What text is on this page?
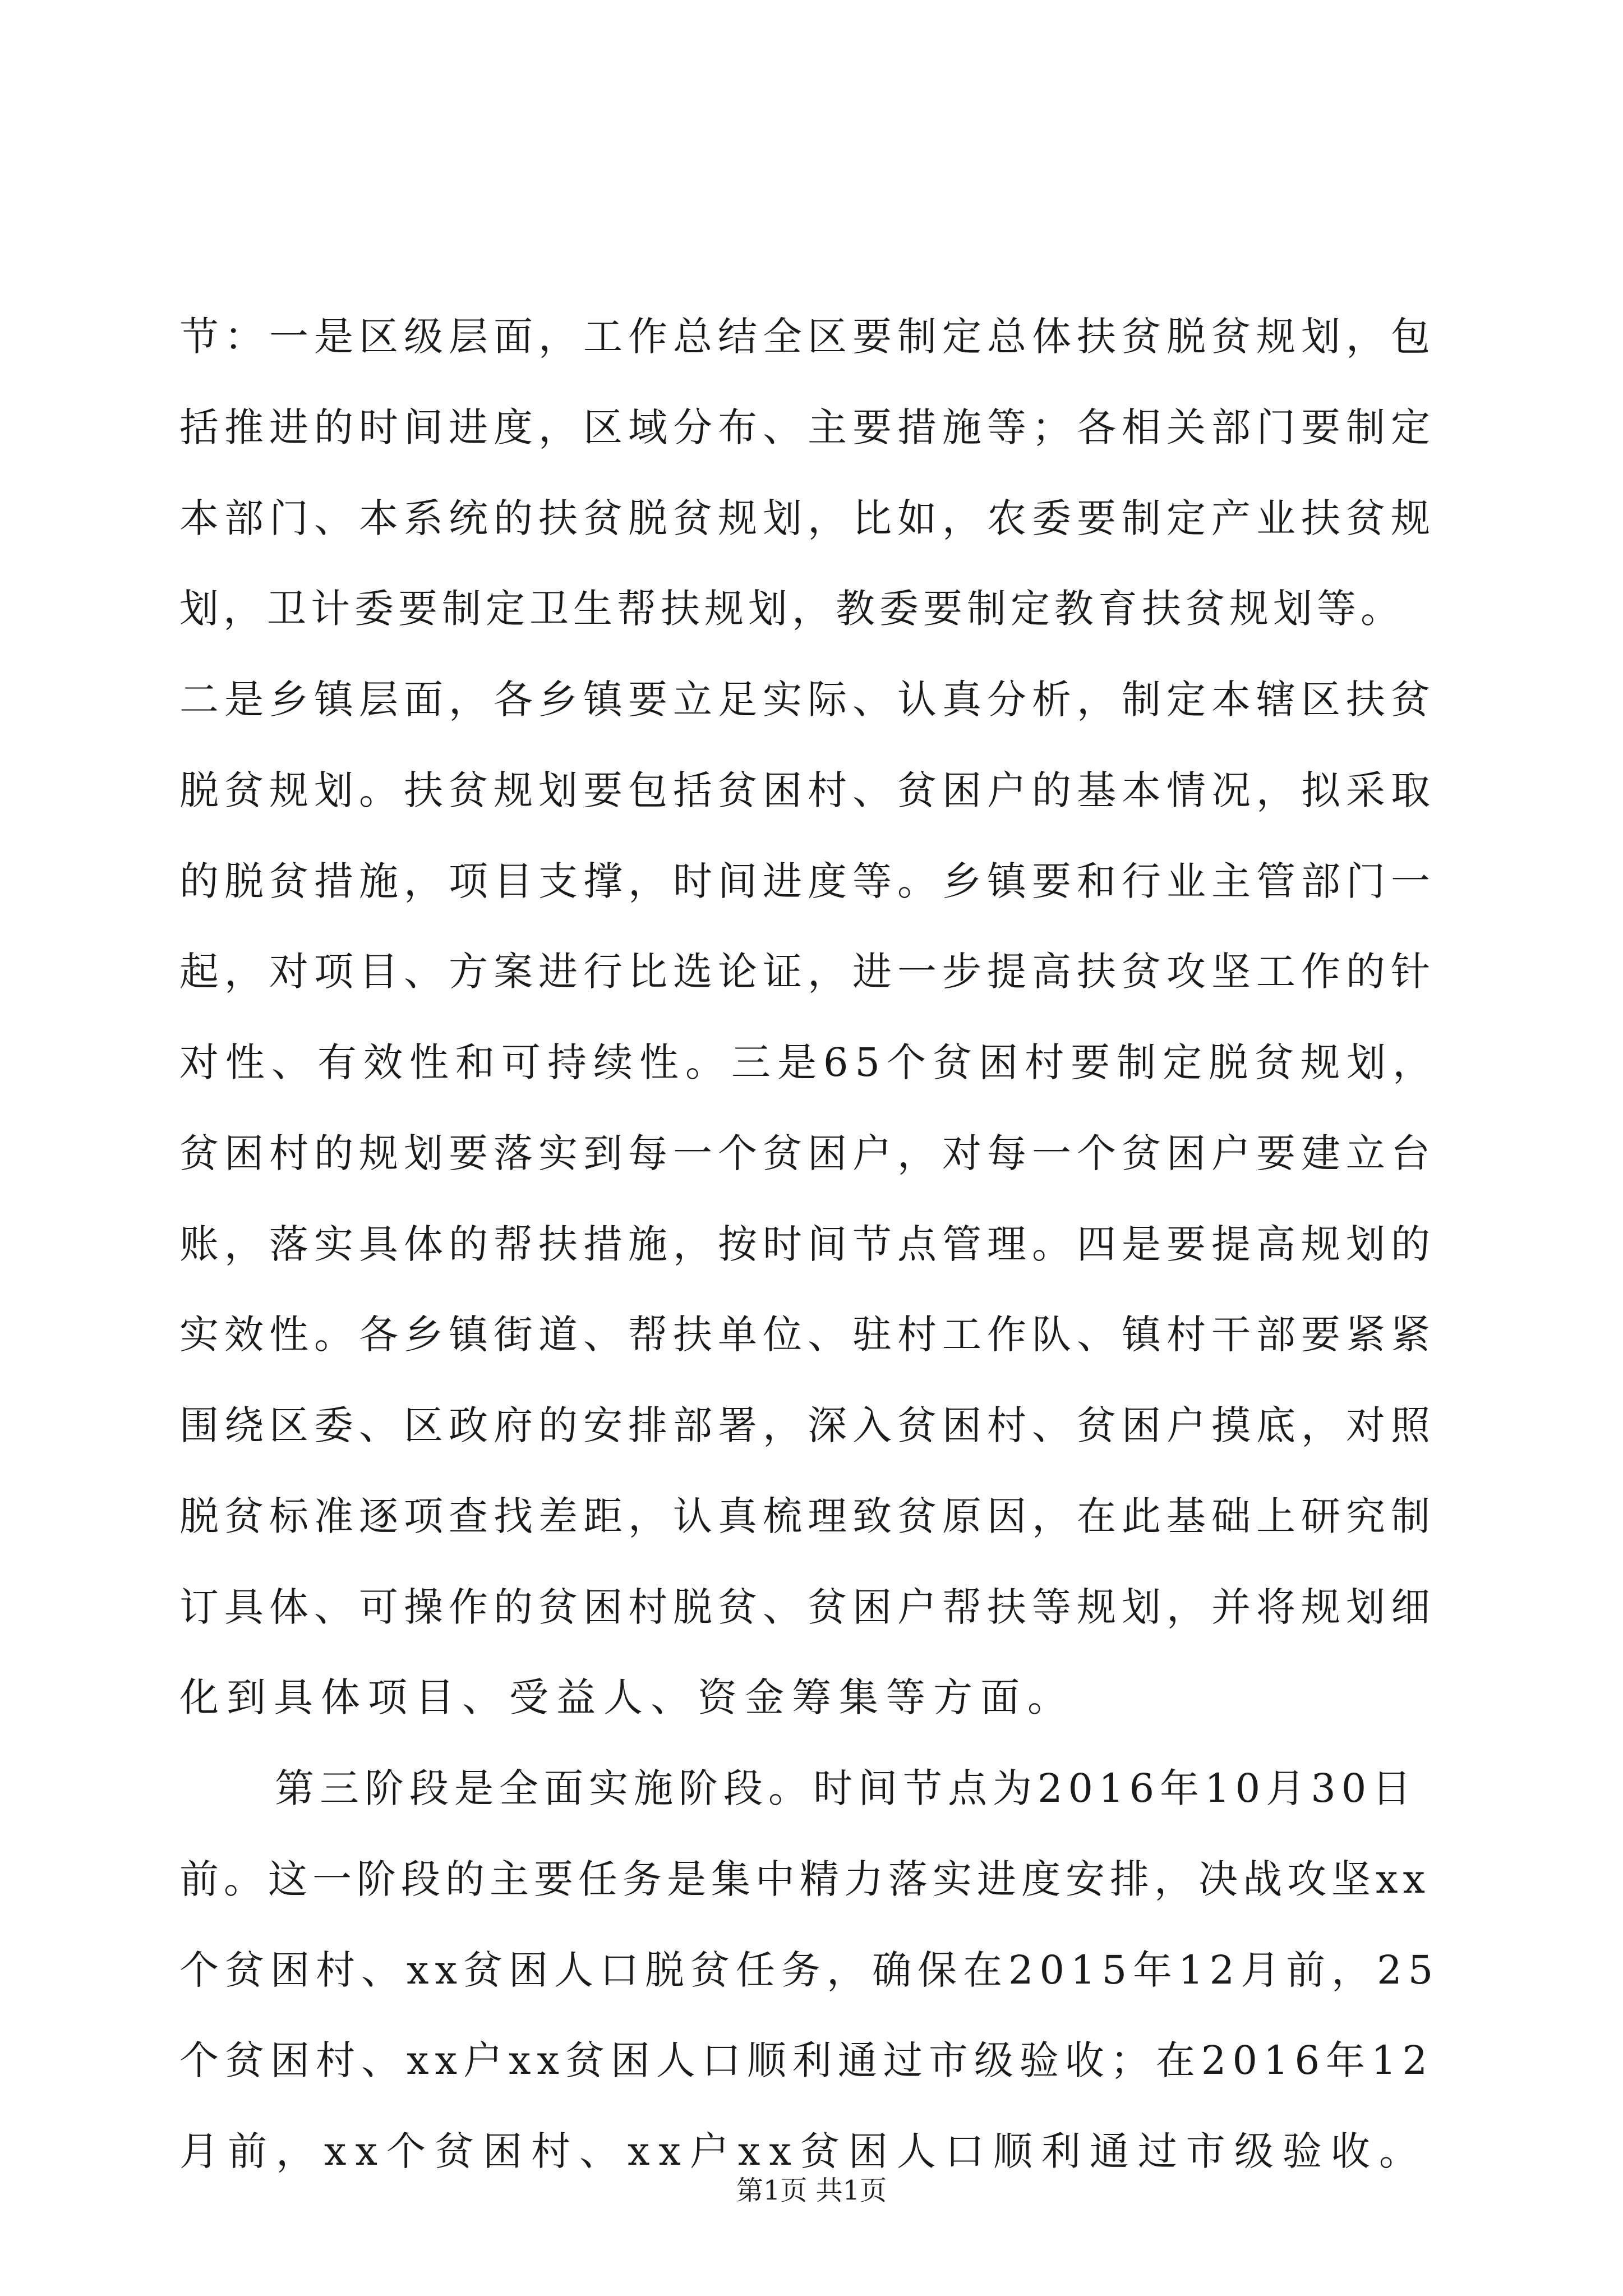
节：一是区级层面，工作总结全区要制定总体扶贫脱贫规划，包
括推进的时间进度，区域分布、主要措施等；各相关部门要制定
本部门、本系统的扶贫脱贫规划，比如，农委要制定产业扶贫规
划，卫计委要制定卫生帮扶规划，教委要制定教育扶贫规划等。
二是乡镇层面，各乡镇要立足实际、认真分析，制定本辖区扶贫
脱贫规划。扶贫规划要包括贫困村、贫困户的基本情况，拟采取
的脱贫措施，项目支撑，时间进度等。乡镇要和行业主管部门一
起，对项目、方案进行比选论证，进一步提高扶贫攻坚工作的针
对性、有效性和可持续性。三是65个贫困村要制定脱贫规划，
贫困村的规划要落实到每一个贫困户，对每一个贫困户要建立台
账，落实具体的帮扶措施，按时间节点管理。四是要提高规划的
实效性。各乡镇街道、帮扶单位、驻村工作队、镇村干部要紧紧
围绕区委、区政府的安排部署，深入贫困村、贫困户摸底，对照
脱贫标准逐项查找差距，认真梳理致贫原因，在此基础上研究制
订具体、可操作的贫困村脱贫、贫困户帮扶等规划，并将规划细
化到具体项目、受益人、资金筹集等方面。
第三阶段是全面实施阶段。时间节点为2016年10月30日
前。这一阶段的主要任务是集中精力落实进度安排，决战攻坚xx
个贫困村、xx贫困人口脱贫任务，确保在2015年12月前，25
个贫困村、xx户xx贫困人口顺利通过市级验收；在2016年12
月前，xx个贫困村、xx户xx贫困人口顺利通过市级验收。
第1页 共1页
